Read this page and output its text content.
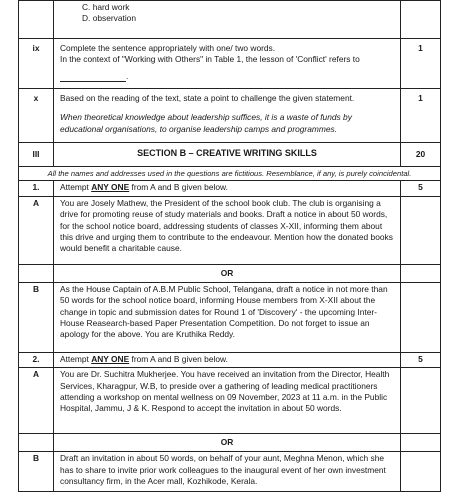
	C. hard work

D. observation	

ix	Complete the sentence appropriately with one/ two words.

In the context of "Working with Others" in Table 1, the lesson of 'Conflict' refers to

.	1
x	Based on the reading of the text, state a point to challenge the given statement.

When theoretical knowledge about leadership suffices, it is a waste of funds by educational organisations, to organise leadership camps and programmes.	1
III	SECTION B – CREATIVE WRITING SKILLS	20
All the names and addresses used in the questions are fictitious. Resemblance, if any, is purely coincidental.		
1.	Attempt ANY ONE from A and B given below.	5
A	You are Josely Mathew, the President of the school book club. The club is organising a drive for promoting reuse of study materials and books. Draft a notice in about 50 words, for the school notice board, addressing students of classes X-XII, informing them about this drive and urging them to contribute to the endeavour. Mention how the donated books would benefit a charitable cause.	

	OR	
B	As the House Captain of A.B.M Public School, Telangana, draft a notice in not more than 50 words for the school notice board, informing House members from X-XII about the change in topic and submission dates for Round 1 of 'Discovery' - the upcoming Inter-House Reasearch-based Paper Presentation Competition. Do not forget to issue an apology for the above. You are Kruthika Reddy.	

2.	Attempt ANY ONE from A and B given below.	5
A	You are Dr. Suchitra Mukherjee. You have received an invitation from the Director, Health Services, Kharagpur, W.B, to preside over a gathering of leading medical practitioners attending a workshop on mental wellness on 09 November, 2023 at 11 a.m. in the Public Hospital, Jammu, J & K. Respond to accept the invitation in about 50 words.	

	OR	
B	Draft an invitation in about 50 words, on behalf of your aunt, Meghna Menon, which she has to share to invite prior work colleagues to the inaugural event of her own investment consultancy firm, in the Acer mall, Kozhikode, Kerala.	
